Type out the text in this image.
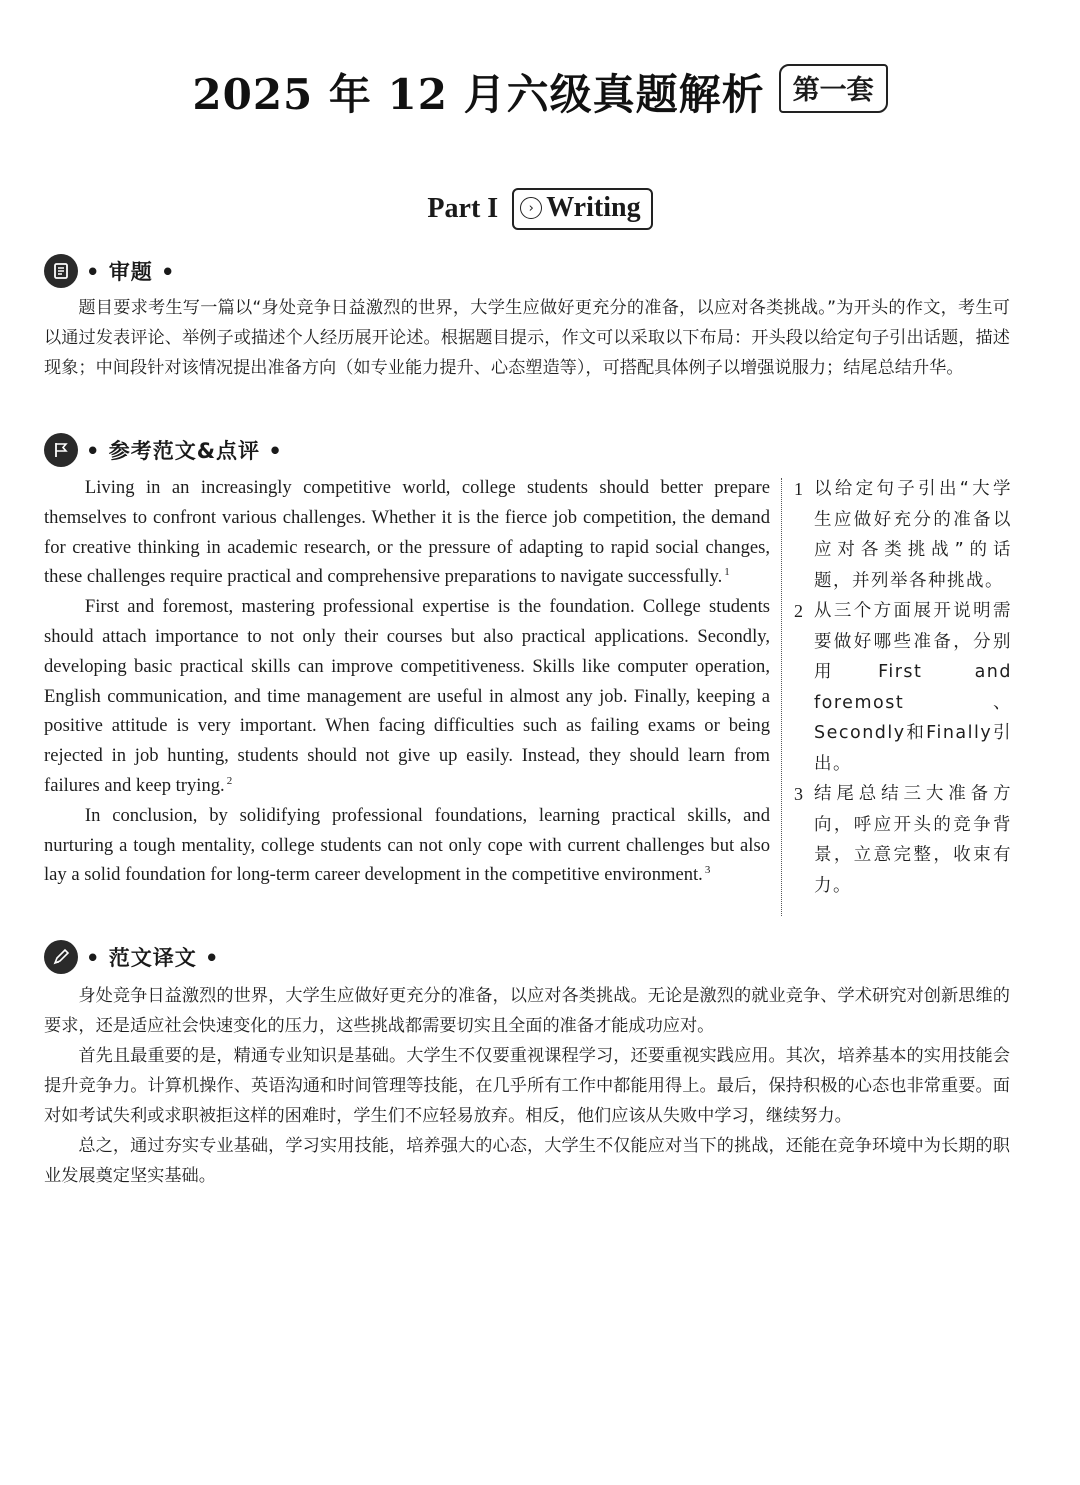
2025 年 12 月六级真题解析	第一套
Part I	› Writing
• 审题 •

题目要求考生写一篇以“身处竞争日益激烈的世界，大学生应做好更充分的准备，以应对各类挑战。”为开头的作文，考生可以通过发表评论、举例子或描述个人经历展开论述。根据题目提示，作文可以采取以下布局：开头段以给定句子引出话题，描述现象；中间段针对该情况提出准备方向（如专业能力提升、心态塑造等），可搭配具体例子以增强说服力；结尾总结升华。

• 参考范文&点评 •

Living in an increasingly competitive world, college students should better prepare themselves to confront various challenges. Whether it is the fierce job competition, the demand for creative thinking in academic research, or the pressure of adapting to rapid social changes, these challenges require practical and comprehensive preparations to navigate successfully. $^1$

First and foremost, mastering professional expertise is the foundation. College students should attach importance to not only their courses but also practical applications. Secondly, developing basic practical skills can improve competitiveness. Skills like computer operation, English communication, and time management are useful in almost any job. Finally, keeping a positive attitude is very important. When facing difficulties such as failing exams or being rejected in job hunting, students should not give up easily. Instead, they should learn from failures and keep trying. $^2$

In conclusion, by solidifying professional foundations, learning practical skills, and nurturing a tough mentality, college students can not only cope with current challenges but also lay a solid foundation for long-term career development in the competitive environment. $^3$

1 以给定句子引出“大学生应做好充分的准备以应对各类挑战”的话题，并列举各种挑战。
2 从三个方面展开说明需要做好哪些准备，分别用First and foremost、Secondly和Finally引出。
3 结尾总结三大准备方向，呼应开头的竞争背景，立意完整，收束有力。
• 范文译文 •

身处竞争日益激烈的世界，大学生应做好更充分的准备，以应对各类挑战。无论是激烈的就业竞争、学术研究对创新思维的要求，还是适应社会快速变化的压力，这些挑战都需要切实且全面的准备才能成功应对。

首先且最重要的是，精通专业知识是基础。大学生不仅要重视课程学习，还要重视实践应用。其次，培养基本的实用技能会提升竞争力。计算机操作、英语沟通和时间管理等技能，在几乎所有工作中都能用得上。最后，保持积极的心态也非常重要。面对如考试失利或求职被拒这样的困难时，学生们不应轻易放弃。相反，他们应该从失败中学习，继续努力。

总之，通过夯实专业基础，学习实用技能，培养强大的心态，大学生不仅能应对当下的挑战，还能在竞争环境中为长期的职业发展奠定坚实基础。
